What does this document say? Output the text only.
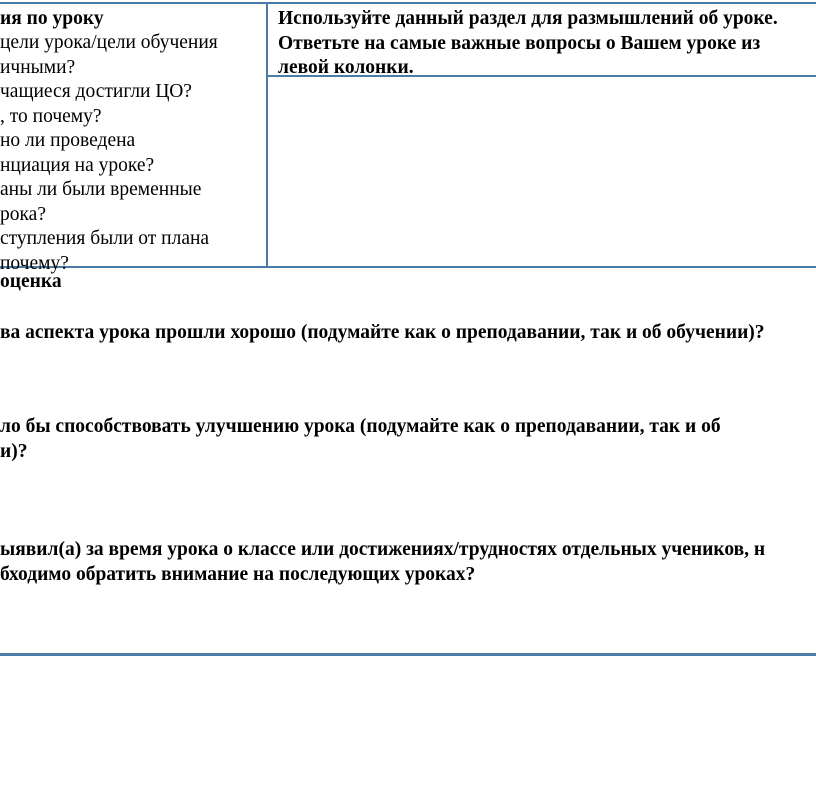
ия по уроку

цели урока/цели обучения
ичными?
чащиеся достигли ЦО?
, то почему?
но ли проведена
нциация на уроке?
аны ли были временные
рока?
ступления были от плана
почему?
Используйте данный раздел для размышлений об уроке.
Ответьте на самые важные вопросы о Вашем уроке из
левой колонки.

оценка

ва аспекта урока прошли хорошо (подумайте как о преподавании, так и об обучении)?

ло бы способствовать улучшению урока (подумайте как о преподавании, так и об

и)?

ыявил(а) за время урока о классе или достижениях/трудностях отдельных учеников, н

бходимо обратить внимание на последующих уроках?
